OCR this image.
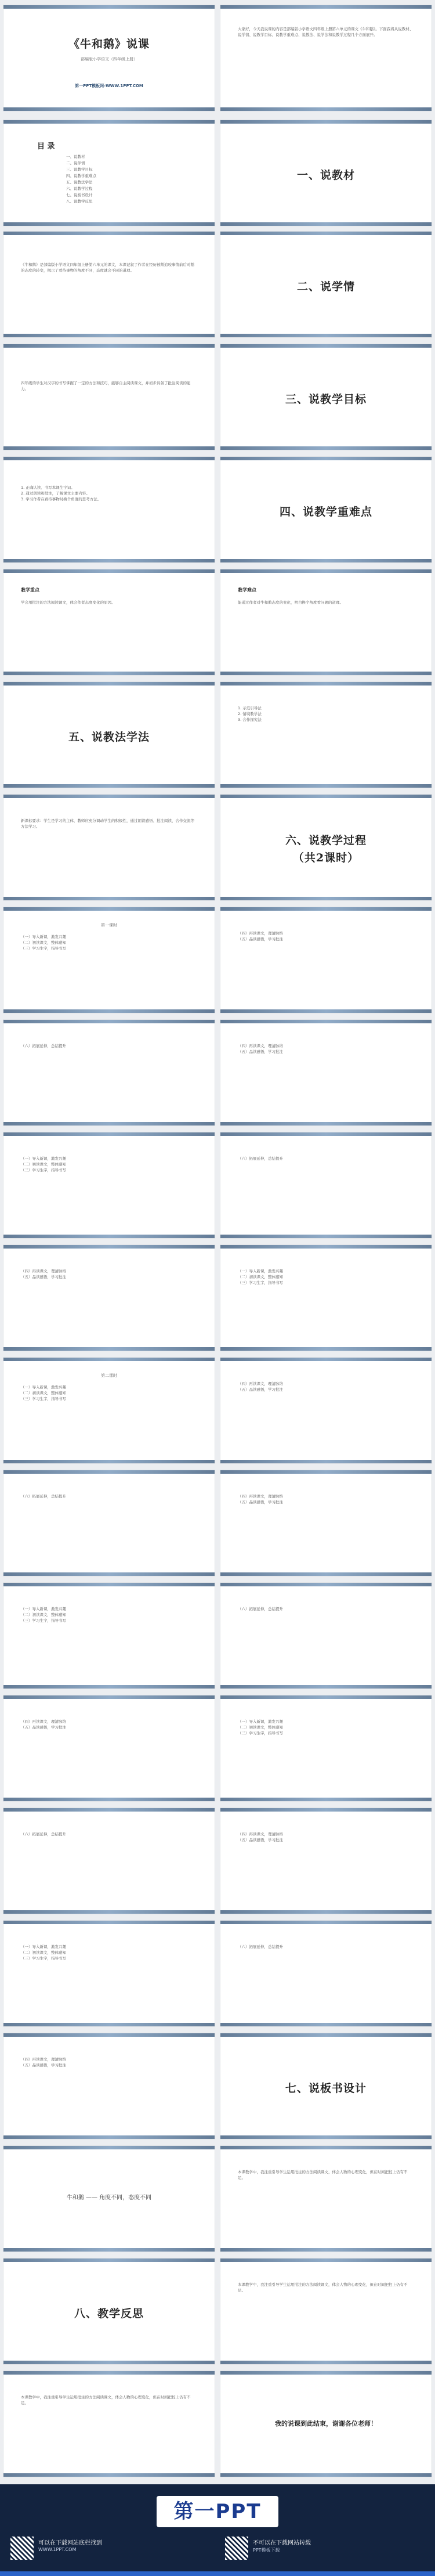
《牛和鹅》说课
部编版小学语文（四年级上册）
第一PPT模板网-WWW.1PPT.COM
大家好，今天我说课的内容是部编版小学语文四年级上册第六单元的课文《牛和鹅》。下面我将从说教材、说学情、说教学目标、说教学重难点、说教法、说学法和说教学过程几个方面展开。
目 录
一、说教材
二、说学情
三、说教学目标
四、说教学重难点
五、说教法学法
六、说教学过程
七、说板书设计
八、说教学反思
一、说教材
《牛和鹅》是部编版小学语文四年级上册第六单元的课文，本课记叙了作者在经历被鹅追咬事情前后对鹅的态度的转变，揭示了看待事物的角度不同，态度就会不同的道理。
二、说学情
四年级的学生对汉字的书写掌握了一定的方法和技巧，能够自主阅读课文，并初步具备了批注阅读的能力。
三、说教学目标
1. 正确认读、书写本课生字词。
2. 通过朗读和批注，了解课文主要内容。
3. 学习作者在看待事物时换个角度的思考方法。
四、说教学重难点
教学重点
学会用批注的方法阅读课文，体会作者态度变化的原因。
教学难点
能通过作者对牛和鹅态度的变化，明白换个角度看问题的道理。
五、说教法学法
1. 示范引导法
2. 情境教学法
3. 合作探究法
新课标要求：学生是学习的主体，教师应充分调动学生的积极性，通过朗读感悟、批注阅读、合作交流等方法学习。
六、说教学过程
（共2课时）
第一课时
（一）导入新课，激发兴趣
（二）初读课文，整体感知
（三）学习生字，指导书写
（四）再读课文，理清脉络
（五）品读感悟，学习批注
（六）拓展延伸，总结提升	（四）再读课文，理清脉络
（五）品读感悟，学习批注
（一）导入新课，激发兴趣
（二）初读课文，整体感知
（三）学习生字，指导书写
（六）拓展延伸，总结提升
（四）再读课文，理清脉络
（五）品读感悟，学习批注
（一）导入新课，激发兴趣
（二）初读课文，整体感知
（三）学习生字，指导书写
第二课时
（一）导入新课，激发兴趣
（二）初读课文，整体感知
（三）学习生字，指导书写
（四）再读课文，理清脉络
（五）品读感悟，学习批注
（六）拓展延伸，总结提升	（四）再读课文，理清脉络
（五）品读感悟，学习批注
（一）导入新课，激发兴趣
（二）初读课文，整体感知
（三）学习生字，指导书写
（六）拓展延伸，总结提升
（四）再读课文，理清脉络
（五）品读感悟，学习批注
（一）导入新课，激发兴趣
（二）初读课文，整体感知
（三）学习生字，指导书写
（六）拓展延伸，总结提升	（四）再读课文，理清脉络
（五）品读感悟，学习批注
（一）导入新课，激发兴趣
（二）初读课文，整体感知
（三）学习生字，指导书写
（六）拓展延伸，总结提升
（四）再读课文，理清脉络
（五）品读感悟，学习批注
七、说板书设计
牛和鹅 —— 角度不同，态度不同
本课教学中，我注重引导学生运用批注的方法阅读课文，体会人物的心理变化，但在时间把控上仍有不足。
八、教学反思
本课教学中，我注重引导学生运用批注的方法阅读课文，体会人物的心理变化，但在时间把控上仍有不足。
本课教学中，我注重引导学生运用批注的方法阅读课文，体会人物的心理变化，但在时间把控上仍有不足。
我的说课到此结束，谢谢各位老师！
第一PPT
可以在下载网站底栏找到
WWW.1PPT.COM
不可以在下载网站转载
PPT模板下载
